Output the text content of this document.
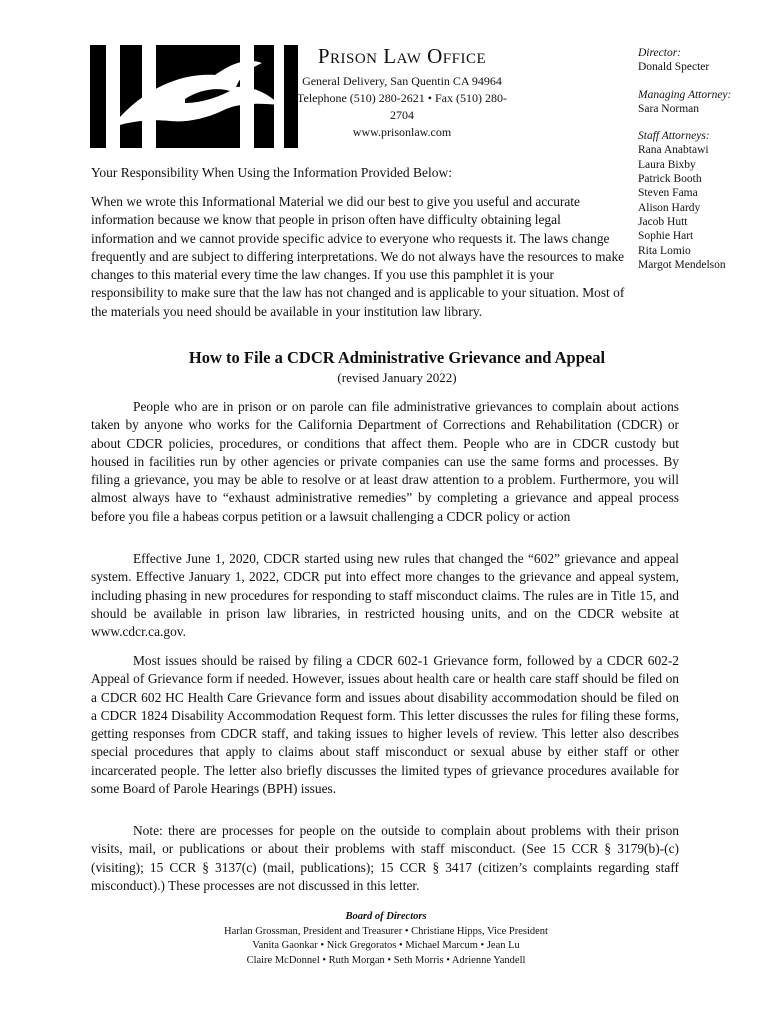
Prison Law Office
General Delivery, San Quentin CA 94964
Telephone (510) 280-2621 • Fax (510) 280-2704
www.prisonlaw.com
Director:
Donald Specter
Managing Attorney:
Sara Norman
Staff Attorneys:
Rana Anabtawi
Laura Bixby
Patrick Booth
Steven Fama
Alison Hardy
Jacob Hutt
Sophie Hart
Rita Lomio
Margot Mendelson
Your Responsibility When Using the Information Provided Below:
When we wrote this Informational Material we did our best to give you useful and accurate information because we know that people in prison often have difficulty obtaining legal information and we cannot provide specific advice to everyone who requests it. The laws change frequently and are subject to differing interpretations. We do not always have the resources to make changes to this material every time the law changes. If you use this pamphlet it is your responsibility to make sure that the law has not changed and is applicable to your situation. Most of the materials you need should be available in your institution law library.
How to File a CDCR Administrative Grievance and Appeal
(revised January 2022)

People who are in prison or on parole can file administrative grievances to complain about actions taken by anyone who works for the California Department of Corrections and Rehabilitation (CDCR) or about CDCR policies, procedures, or conditions that affect them. People who are in CDCR custody but housed in facilities run by other agencies or private companies can use the same forms and processes. By filing a grievance, you may be able to resolve or at least draw attention to a problem. Furthermore, you will almost always have to “exhaust administrative remedies” by completing a grievance and appeal process before you file a habeas corpus petition or a lawsuit challenging a CDCR policy or action

Effective June 1, 2020, CDCR started using new rules that changed the “602” grievance and appeal system. Effective January 1, 2022, CDCR put into effect more changes to the grievance and appeal system, including phasing in new procedures for responding to staff misconduct claims. The rules are in Title 15, and should be available in prison law libraries, in restricted housing units, and on the CDCR website at www.cdcr.ca.gov.

Most issues should be raised by filing a CDCR 602-1 Grievance form, followed by a CDCR 602-2 Appeal of Grievance form if needed. However, issues about health care or health care staff should be filed on a CDCR 602 HC Health Care Grievance form and issues about disability accommodation should be filed on a CDCR 1824 Disability Accommodation Request form. This letter discusses the rules for filing these forms, getting responses from CDCR staff, and taking issues to higher levels of review. This letter also describes special procedures that apply to claims about staff misconduct or sexual abuse by either staff or other incarcerated people. The letter also briefly discusses the limited types of grievance procedures available for some Board of Parole Hearings (BPH) issues.

Note: there are processes for people on the outside to complain about problems with their prison visits, mail, or publications or about their problems with staff misconduct. (See 15 CCR § 3179(b)-(c) (visiting); 15 CCR § 3137(c) (mail, publications); 15 CCR § 3417 (citizen’s complaints regarding staff misconduct).) These processes are not discussed in this letter.

Board of Directors
Harlan Grossman, President and Treasurer • Christiane Hipps, Vice President
Vanita Gaonkar • Nick Gregoratos • Michael Marcum • Jean Lu
Claire McDonnel • Ruth Morgan • Seth Morris • Adrienne Yandell
